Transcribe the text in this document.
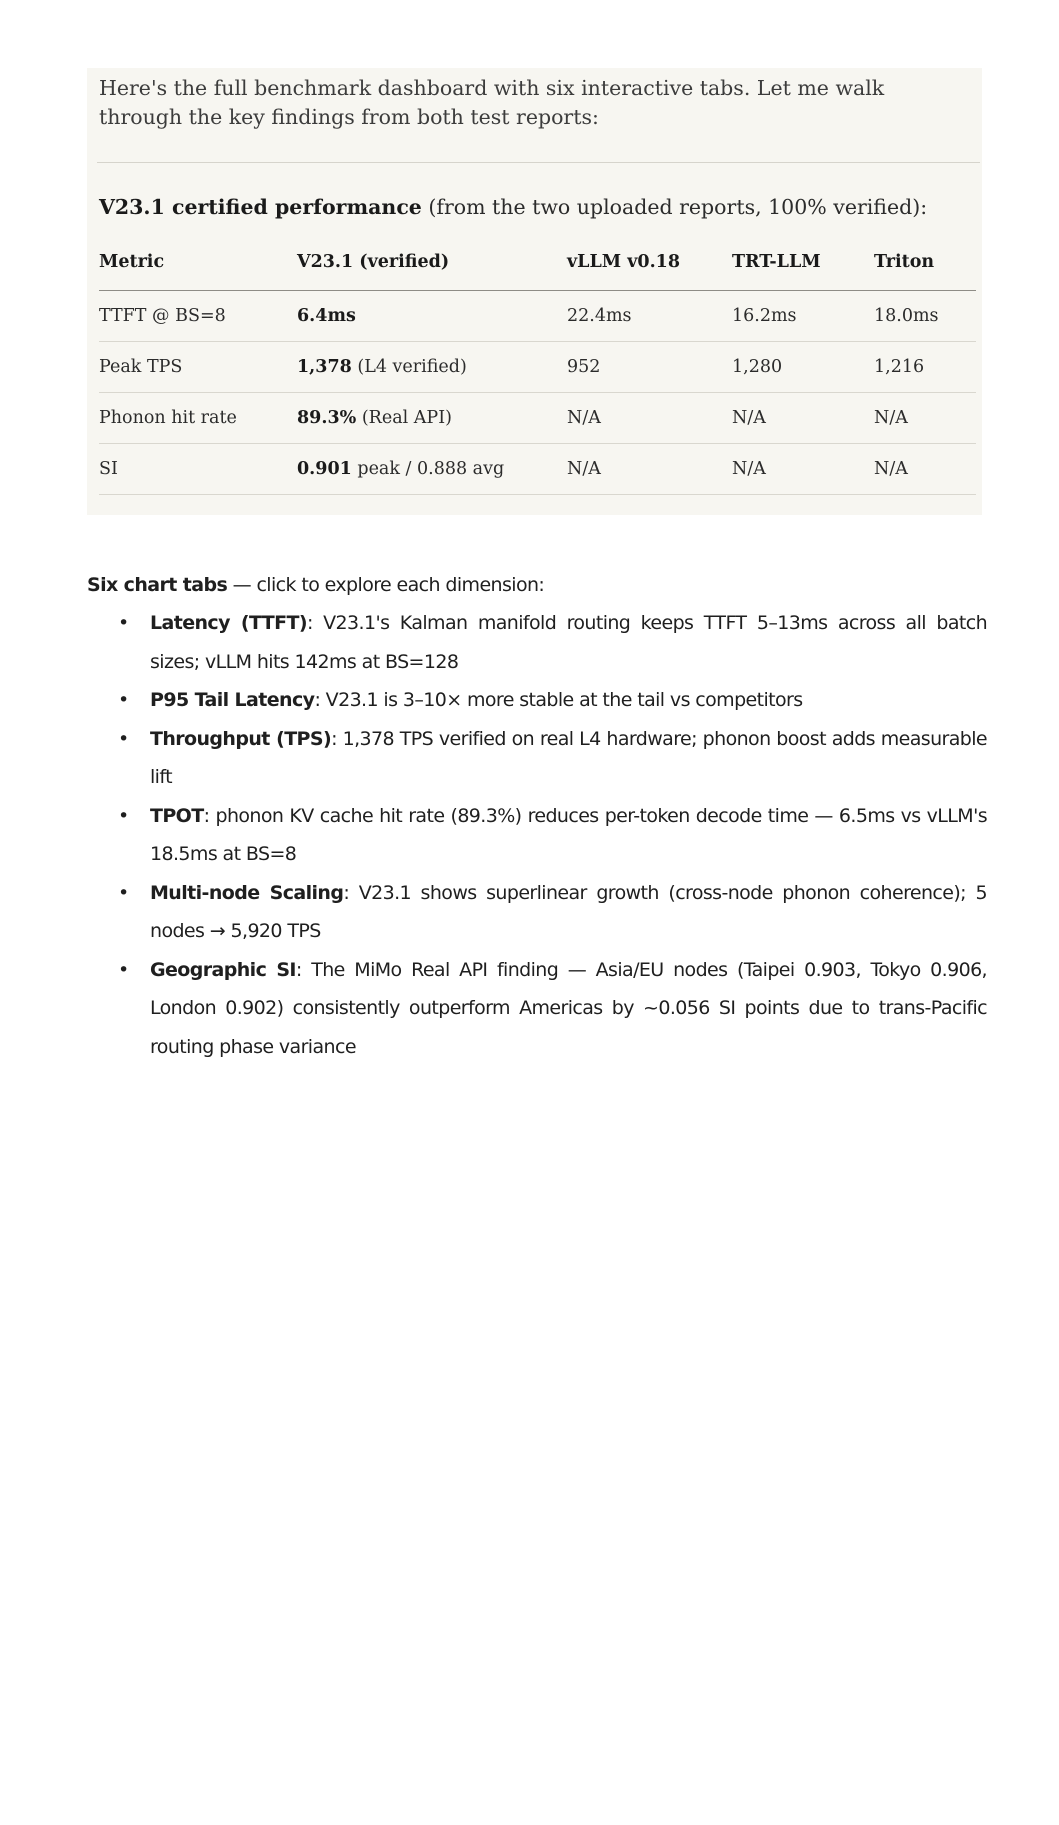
Here's the full benchmark dashboard with six interactive tabs. Let me walk through the key findings from both test reports:
V23.1 certified performance (from the two uploaded reports, 100% verified):
Metric	V23.1 (verified)	vLLM v0.18	TRT-LLM	Triton
TTFT @ BS=8	6.4ms	22.4ms	16.2ms	18.0ms
Peak TPS	1,378 (L4 verified)	952	1,280	1,216
Phonon hit rate	89.3% (Real API)	N/A	N/A	N/A
SI	0.901 peak / 0.888 avg	N/A	N/A	N/A
Six chart tabs — click to explore each dimension:
• Latency (TTFT): V23.1's Kalman manifold routing keeps TTFT 5–13ms across all batch sizes; vLLM hits 142ms at BS=128
• P95 Tail Latency: V23.1 is 3–10× more stable at the tail vs competitors
• Throughput (TPS): 1,378 TPS verified on real L4 hardware; phonon boost adds measurable lift
• TPOT: phonon KV cache hit rate (89.3%) reduces per-token decode time — 6.5ms vs vLLM's 18.5ms at BS=8
• Multi-node Scaling: V23.1 shows superlinear growth (cross-node phonon coherence); 5 nodes → 5,920 TPS
• Geographic SI: The MiMo Real API finding — Asia/EU nodes (Taipei 0.903, Tokyo 0.906, London 0.902) consistently outperform Americas by ~0.056 SI points due to trans-Pacific routing phase variance
